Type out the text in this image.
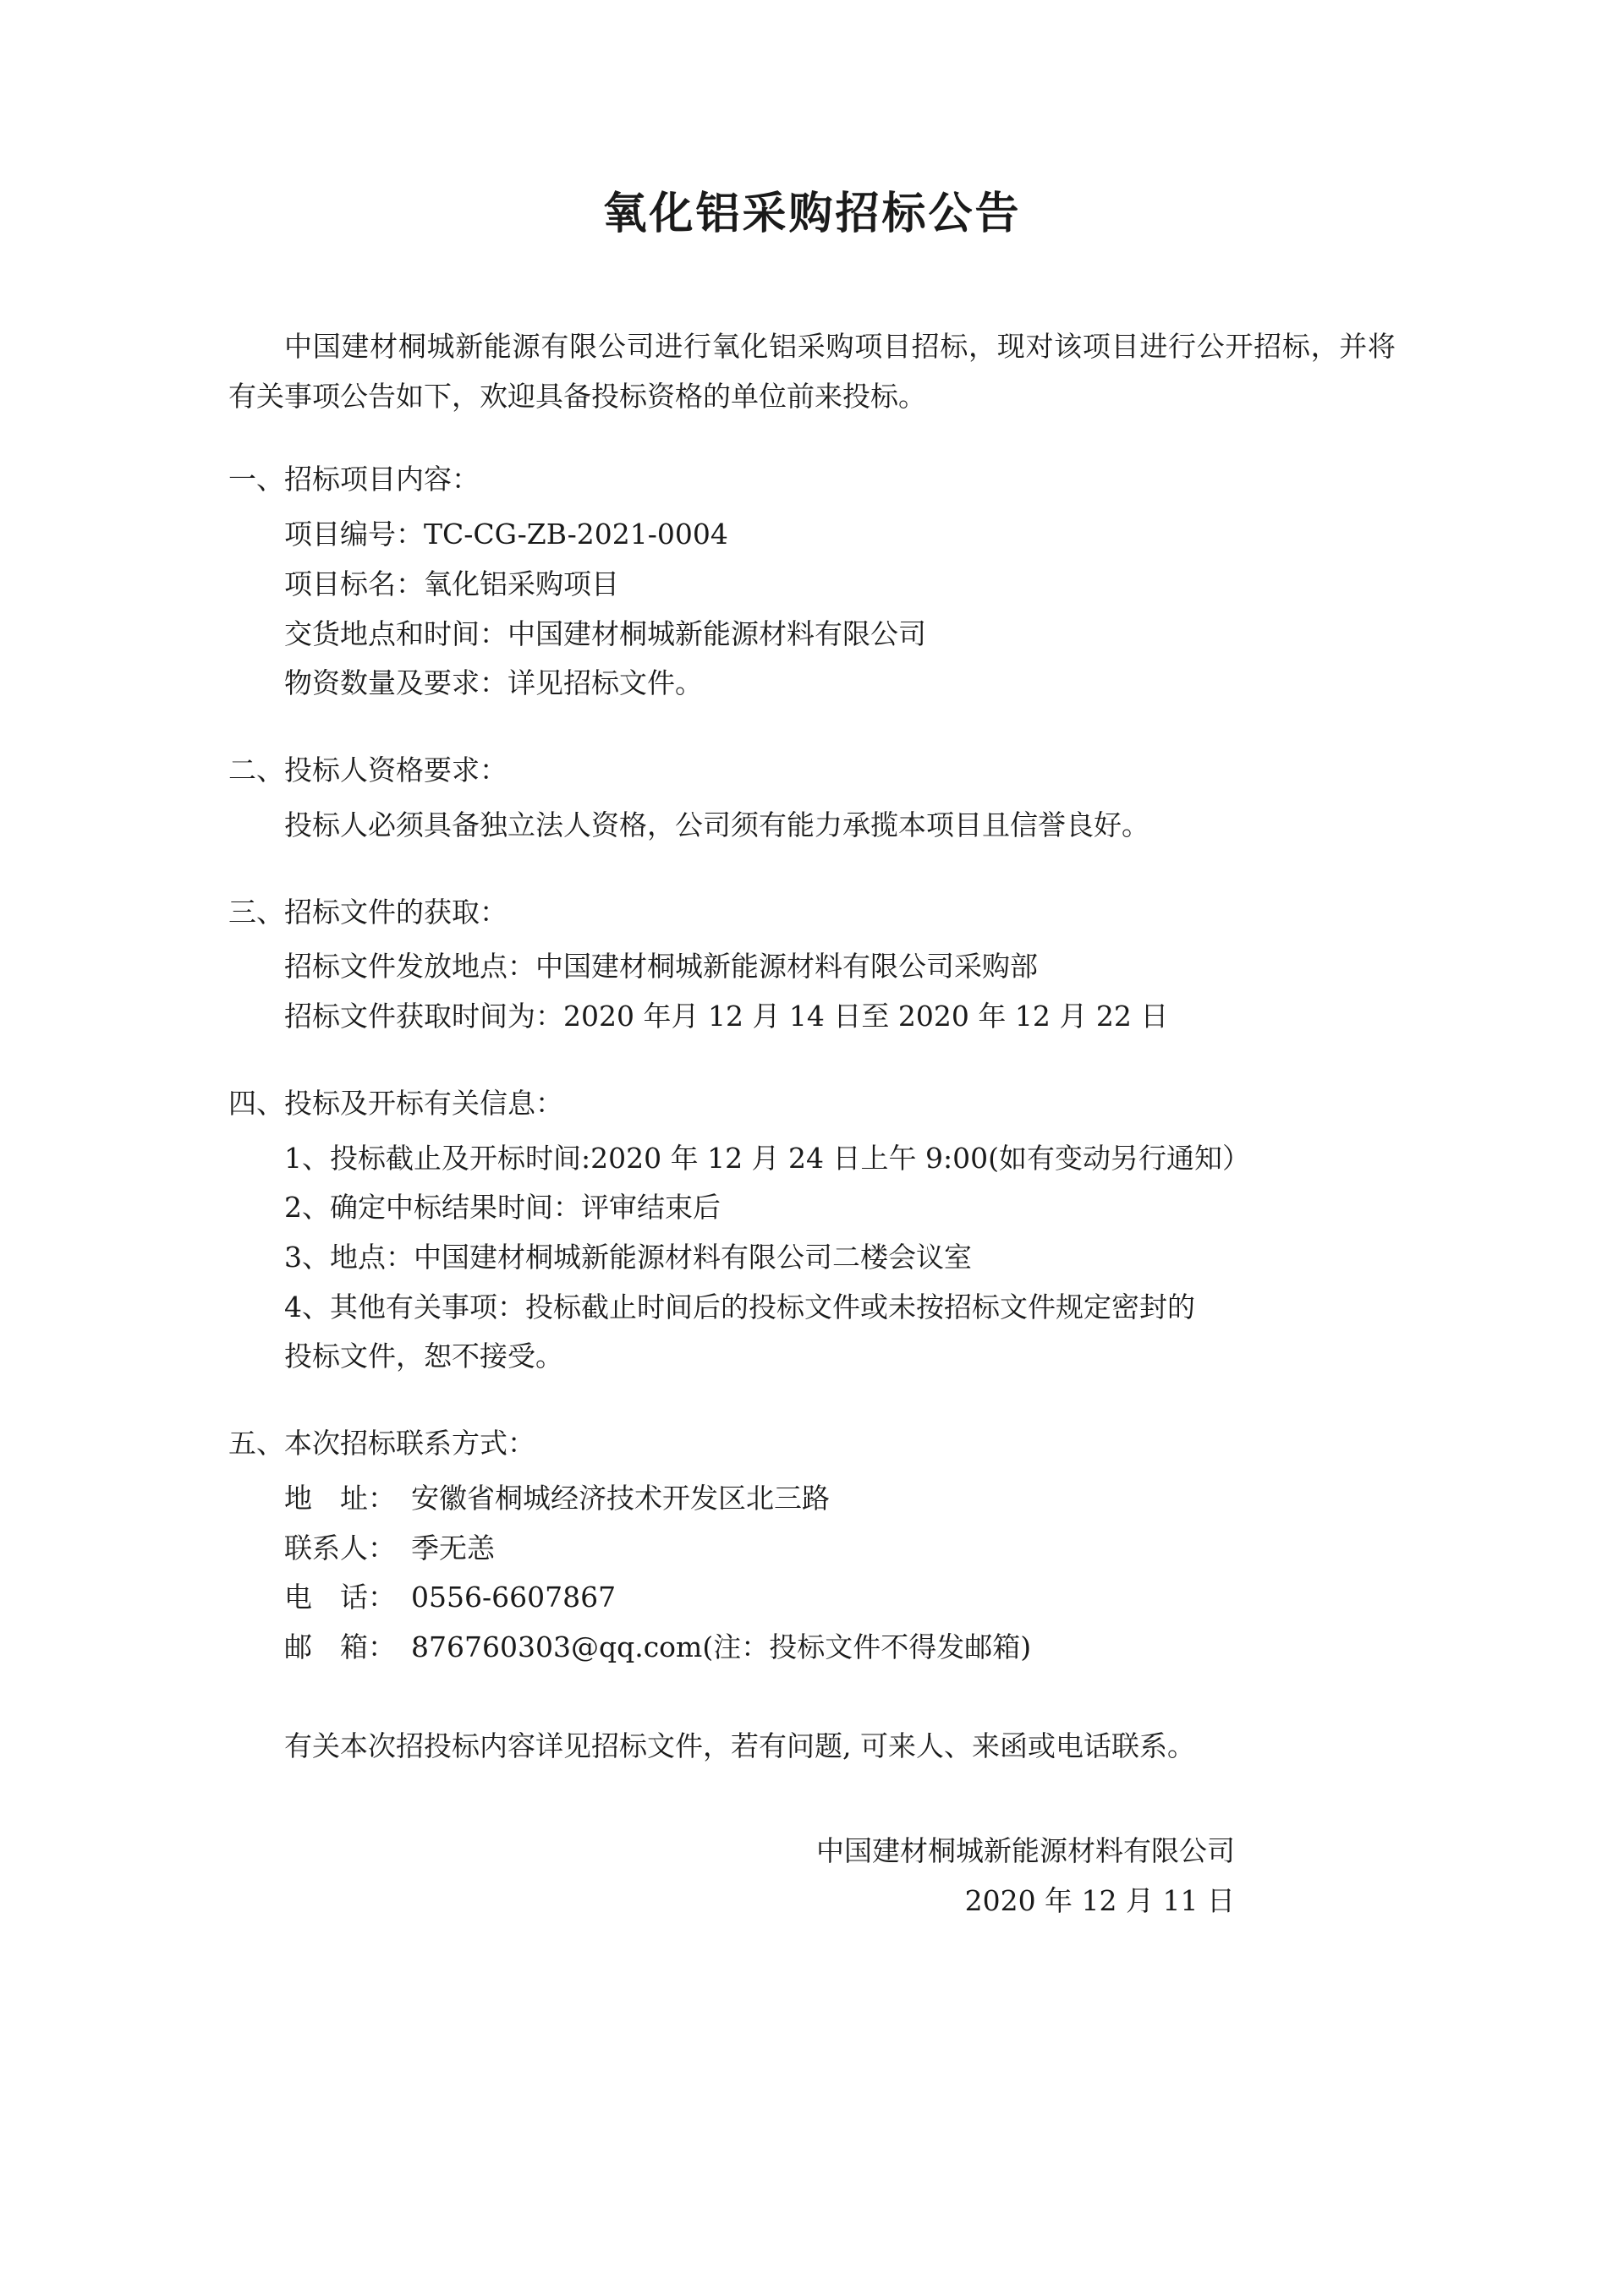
氧化铝采购招标公告

中国建材桐城新能源有限公司进行氧化铝采购项目招标，现对该项目进行公开招标，并将有关事项公告如下，欢迎具备投标资格的单位前来投标。

一、招标项目内容：

项目编号：TC-CG-ZB-2021-0004

项目标名：氧化铝采购项目

交货地点和时间：中国建材桐城新能源材料有限公司

物资数量及要求：详见招标文件。

二、投标人资格要求：

投标人必须具备独立法人资格，公司须有能力承揽本项目且信誉良好。

三、招标文件的获取：

招标文件发放地点：中国建材桐城新能源材料有限公司采购部

招标文件获取时间为：2020 年月 12 月 14 日至 2020 年 12 月 22 日

四、投标及开标有关信息：

1、投标截止及开标时间:2020 年 12 月 24 日上午 9:00(如有变动另行通知）

2、确定中标结果时间：评审结束后

3、地点：中国建材桐城新能源材料有限公司二楼会议室

4、其他有关事项：投标截止时间后的投标文件或未按招标文件规定密封的

投标文件，恕不接受。

五、本次招标联系方式：

地　址： 安徽省桐城经济技术开发区北三路

联系人： 季无恙

电　话： 0556-6607867

邮　箱： 876760303@qq.com(注：投标文件不得发邮箱)

有关本次招投标内容详见招标文件，若有问题, 可来人、来函或电话联系。

中国建材桐城新能源材料有限公司
2020 年 12 月 11 日
